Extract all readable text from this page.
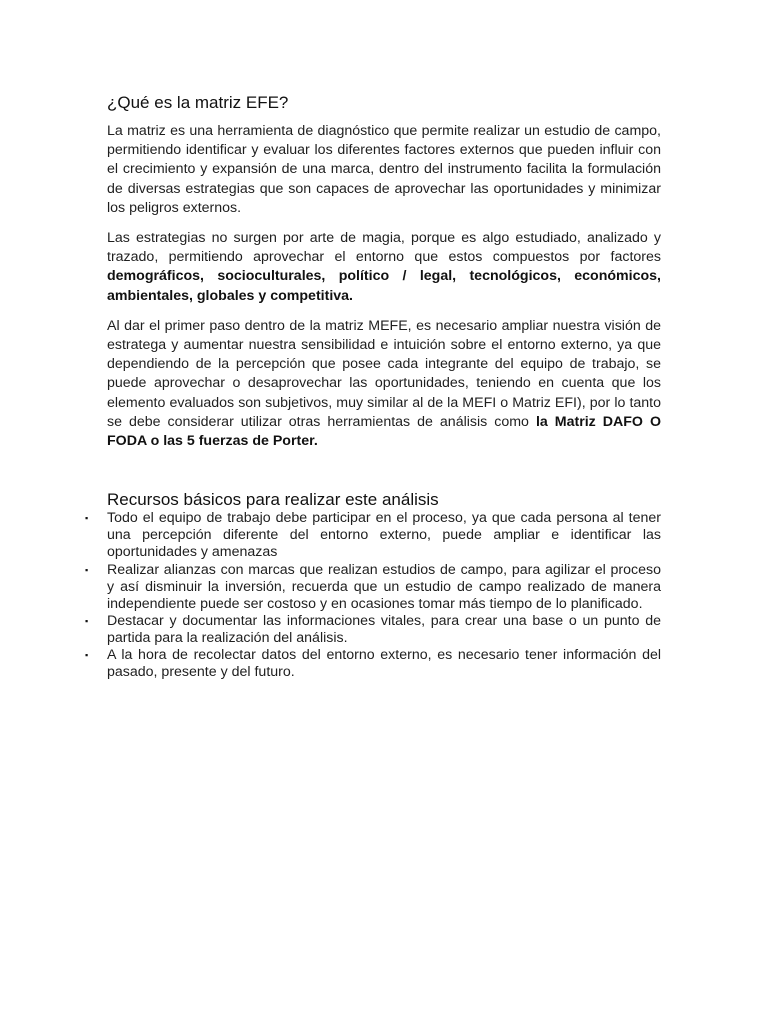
¿Qué es la matriz EFE?

La matriz es una herramienta de diagnóstico que permite realizar un estudio de campo, permitiendo identificar y evaluar los diferentes factores externos que pueden influir con el crecimiento y expansión de una marca, dentro del instrumento facilita la formulación de diversas estrategias que son capaces de aprovechar las oportunidades y minimizar los peligros externos.

Las estrategias no surgen por arte de magia, porque es algo estudiado, analizado y trazado, permitiendo aprovechar el entorno que estos compuestos por factores demográficos, socioculturales, político / legal, tecnológicos, económicos, ambientales, globales y competitiva.

Al dar el primer paso dentro de la matriz MEFE, es necesario ampliar nuestra visión de estratega y aumentar nuestra sensibilidad e intuición sobre el entorno externo, ya que dependiendo de la percepción que posee cada integrante del equipo de trabajo, se puede aprovechar o desaprovechar las oportunidades, teniendo en cuenta que los elemento evaluados son subjetivos, muy similar al de la MEFI o Matriz EFI), por lo tanto se debe considerar utilizar otras herramientas de análisis como la Matriz DAFO O FODA o las 5 fuerzas de Porter.

Recursos básicos para realizar este análisis
▪ Todo el equipo de trabajo debe participar en el proceso, ya que cada persona al tener una percepción diferente del entorno externo, puede ampliar e identificar las oportunidades y amenazas
▪ Realizar alianzas con marcas que realizan estudios de campo, para agilizar el proceso y así disminuir la inversión, recuerda que un estudio de campo realizado de manera independiente puede ser costoso y en ocasiones tomar más tiempo de lo planificado.
▪ Destacar y documentar las informaciones vitales, para crear una base o un punto de partida para la realización del análisis.
▪ A la hora de recolectar datos del entorno externo, es necesario tener información del pasado, presente y del futuro.
